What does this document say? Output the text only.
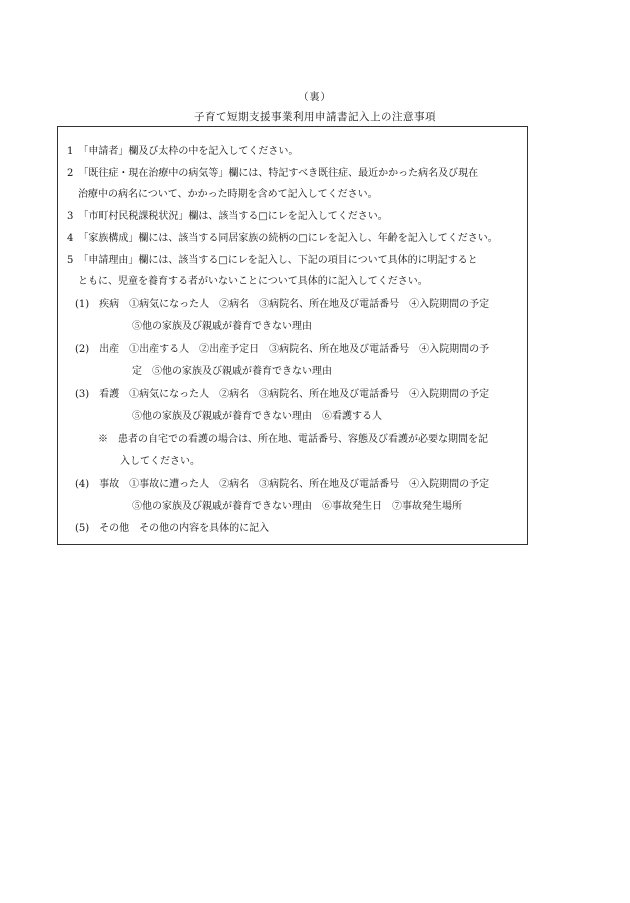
（裏）
子育て短期支援事業利用申請書記入上の注意事項
1　「申請者」欄及び太枠の中を記入してください。
2　「既往症・現在治療中の病気等」欄には、特記すべき既往症、最近かかった病名及び現在
治療中の病名について、かかった時期を含めて記入してください。
3　「市町村民税課税状況」欄は、該当する□にレを記入してください。
4　「家族構成」欄には、該当する同居家族の続柄の□にレを記入し、年齢を記入してください。
5　「申請理由」欄には、該当する□にレを記入し、下記の項目について具体的に明記すると
ともに、児童を養育する者がいないことについて具体的に記入してください。
(1)　疾病　①病気になった人　②病名　③病院名、所在地及び電話番号　④入院期間の予定
⑤他の家族及び親戚が養育できない理由
(2)　出産　①出産する人　②出産予定日　③病院名、所在地及び電話番号　④入院期間の予
定　⑤他の家族及び親戚が養育できない理由
(3)　看護　①病気になった人　②病名　③病院名、所在地及び電話番号　④入院期間の予定
⑤他の家族及び親戚が養育できない理由　⑥看護する人
※　患者の自宅での看護の場合は、所在地、電話番号、容態及び看護が必要な期間を記
入してください。
(4)　事故　①事故に遭った人　②病名　③病院名、所在地及び電話番号　④入院期間の予定
⑤他の家族及び親戚が養育できない理由　⑥事故発生日　⑦事故発生場所
(5)　その他　その他の内容を具体的に記入
